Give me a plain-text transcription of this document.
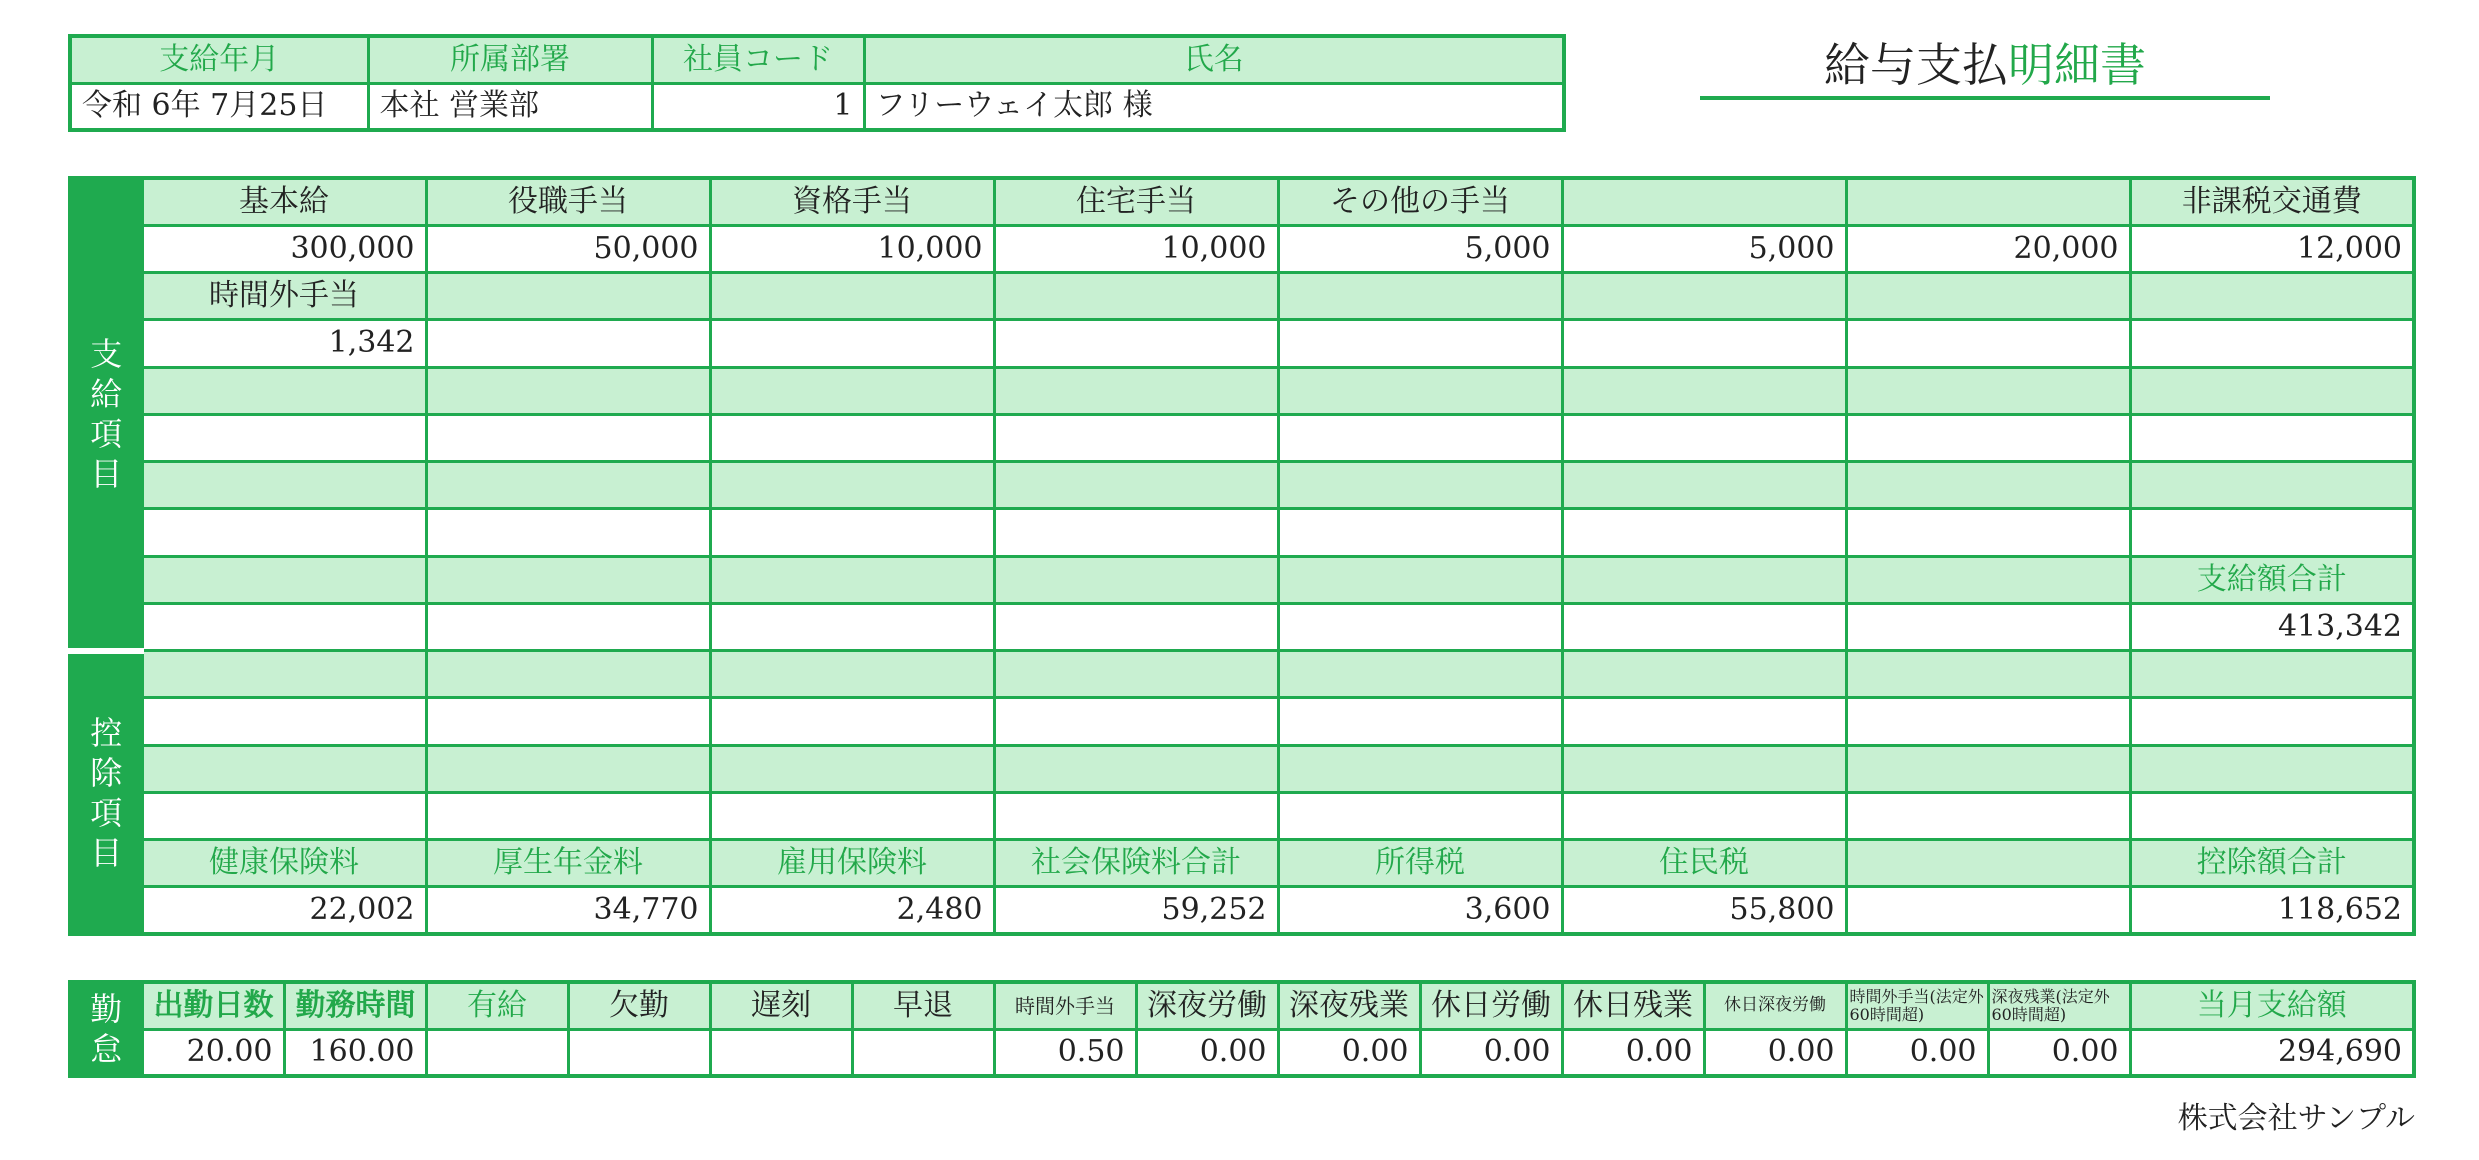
支給年月	所属部署	社員コード	氏名
令和 6年 7月25日	本社 営業部	1	フリーウェイ太郎 様
給与支払明細書
支給項目	基本給	役職手当	資格手当	住宅手当	その他の手当			非課税交通費
	300,000	50,000	10,000	10,000	5,000	5,000	20,000	12,000
	時間外手当							
	1,342							

								支給額合計
								413,342
控除項目								

	健康保険料	厚生年金料	雇用保険料	社会保険料合計	所得税	住民税		控除額合計
	22,002	34,770	2,480	59,252	3,600	55,800		118,652
勤怠	出勤日数	勤務時間	有給	欠勤	遅刻	早退	時間外手当	深夜労働	深夜残業	休日労働	休日残業	休日深夜労働	時間外手当(法定外60時間超)	深夜残業(法定外60時間超)	当月支給額
	20.00	160.00					0.50	0.00	0.00	0.00	0.00	0.00	0.00	0.00	294,690
株式会社サンプル
